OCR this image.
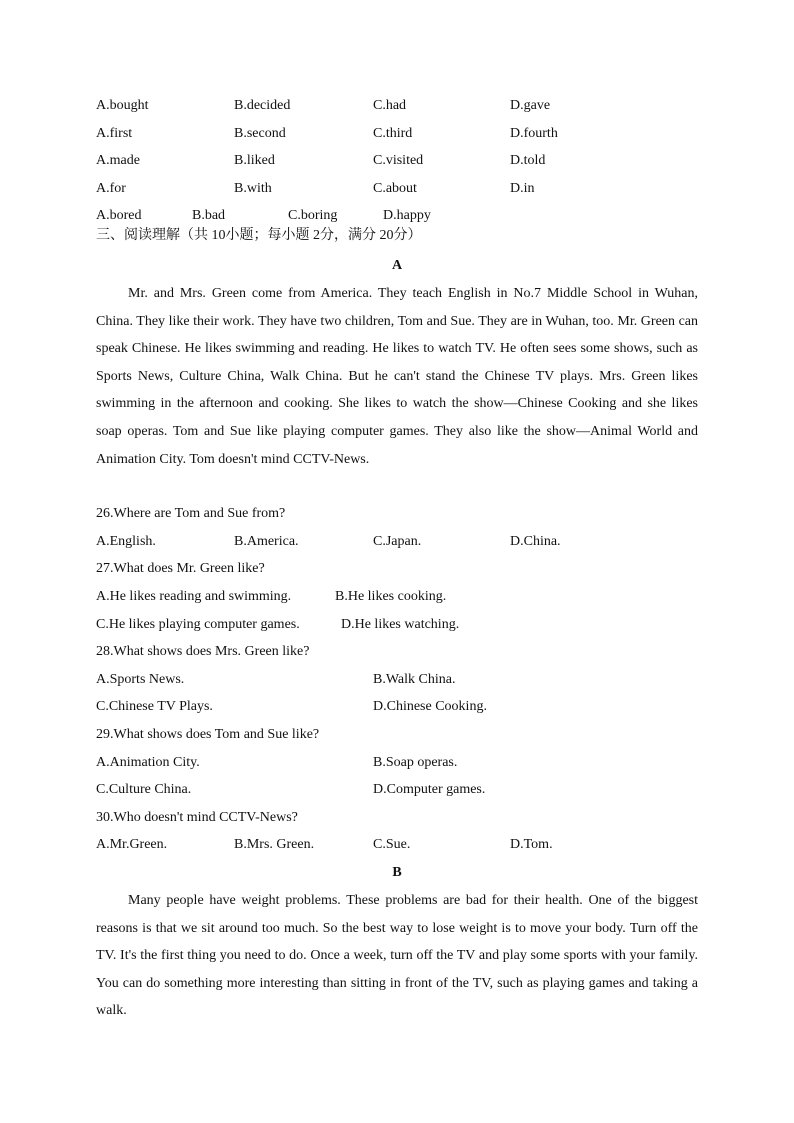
A.bought	B.decided	C.had	D.gave
A.first	B.second	C.third	D.fourth
A.made	B.liked	C.visited	D.told
A.for	B.with	C.about	D.in
A.bored	B.bad	C.boring	D.happy
三、阅读理解（共 10小题；每小题 2分，满分 20分）
A

Mr. and Mrs. Green come from America. They teach English in No.7 Middle School in Wuhan, China. They like their work. They have two children, Tom and Sue. They are in Wuhan, too. Mr. Green can speak Chinese. He likes swimming and reading. He likes to watch TV. He often sees some shows, such as Sports News, Culture China, Walk China. But he can't stand the Chinese TV plays. Mrs. Green likes swimming in the afternoon and cooking. She likes to watch the show—Chinese Cooking and she likes soap operas. Tom and Sue like playing computer games. They also like the show—Animal World and Animation City. Tom doesn't mind CCTV-News.

26.Where are Tom and Sue from?
A.English.	B.America.	C.Japan.	D.China.
27.What does Mr. Green like?
A.He likes reading and swimming.	B.He likes cooking.
C.He likes playing computer games.	D.He likes watching.
28.What shows does Mrs. Green like?
A.Sports News.	B.Walk China.
C.Chinese TV Plays.	D.Chinese Cooking.
29.What shows does Tom and Sue like?
A.Animation City.	B.Soap operas.
C.Culture China.	D.Computer games.
30.Who doesn't mind CCTV-News?
A.Mr.Green.	B.Mrs. Green.	C.Sue.	D.Tom.
B

Many people have weight problems. These problems are bad for their health. One of the biggest reasons is that we sit around too much. So the best way to lose weight is to move your body. Turn off the TV. It's the first thing you need to do. Once a week, turn off the TV and play some sports with your family. You can do something more interesting than sitting in front of the TV, such as playing games and taking a walk.
